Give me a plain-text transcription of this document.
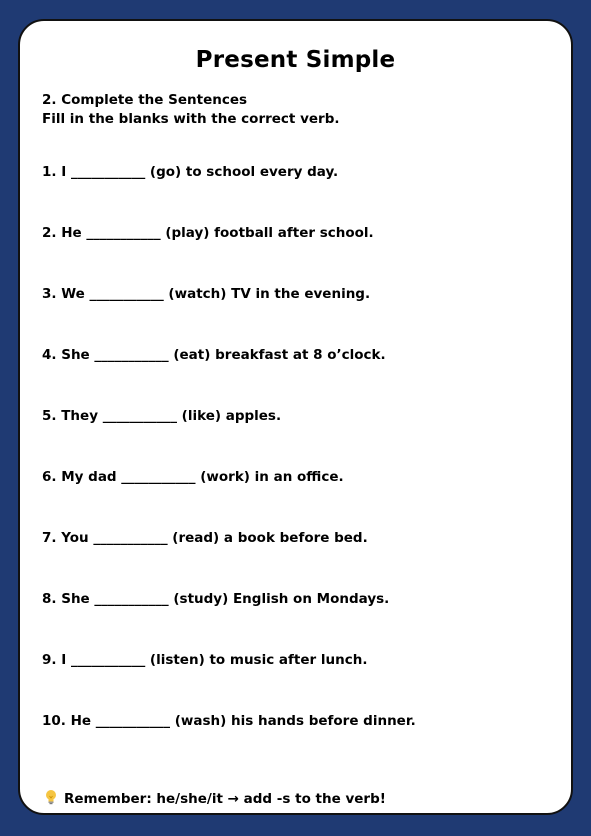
Present Simple
2. Complete the Sentences
Fill in the blanks with the correct verb.
1. I ___________ (go) to school every day.
2. He ___________ (play) football after school.
3. We ___________ (watch) TV in the evening.
4. She ___________ (eat) breakfast at 8 o’clock.
5. They ___________ (like) apples.
6. My dad ___________ (work) in an office.
7. You ___________ (read) a book before bed.
8. She ___________ (study) English on Mondays.
9. I ___________ (listen) to music after lunch.
10. He ___________ (wash) his hands before dinner.
Remember: he/she/it → add -s to the verb!
